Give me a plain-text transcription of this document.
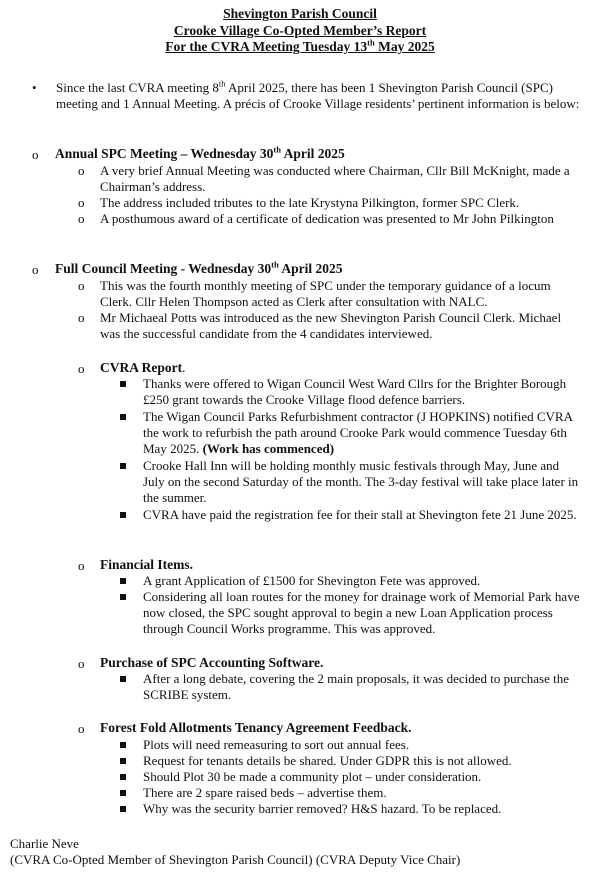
Shevington Parish Council
Crooke Village Co-Opted Member’s Report
For the CVRA Meeting Tuesday 13th May 2025
• Since the last CVRA meeting 8th April 2025, there has been 1 Shevington Parish Council (SPC) meeting and 1 Annual Meeting. A précis of Crooke Village residents’ pertinent information is below:
o Annual SPC Meeting – Wednesday 30th April 2025
o A very brief Annual Meeting was conducted where Chairman, Cllr Bill McKnight, made a Chairman’s address.
o The address included tributes to the late Krystyna Pilkington, former SPC Clerk.
o A posthumous award of a certificate of dedication was presented to Mr John Pilkington
o Full Council Meeting - Wednesday 30th April 2025
o This was the fourth monthly meeting of SPC under the temporary guidance of a locum Clerk. Cllr Helen Thompson acted as Clerk after consultation with NALC.
o Mr Michaeal Potts was introduced as the new Shevington Parish Council Clerk. Michael was the successful candidate from the 4 candidates interviewed.
o CVRA Report.
Thanks were offered to Wigan Council West Ward Cllrs for the Brighter Borough £250 grant towards the Crooke Village flood defence barriers.
The Wigan Council Parks Refurbishment contractor (J HOPKINS) notified CVRA the work to refurbish the path around Crooke Park would commence Tuesday 6th May 2025. (Work has commenced)
Crooke Hall Inn will be holding monthly music festivals through May, June and July on the second Saturday of the month. The 3-day festival will take place later in the summer.
CVRA have paid the registration fee for their stall at Shevington fete 21 June 2025.
o Financial Items.
A grant Application of £1500 for Shevington Fete was approved.
Considering all loan routes for the money for drainage work of Memorial Park have now closed, the SPC sought approval to begin a new Loan Application process through Council Works programme. This was approved.
o Purchase of SPC Accounting Software.
After a long debate, covering the 2 main proposals, it was decided to purchase the SCRIBE system.
o Forest Fold Allotments Tenancy Agreement Feedback.
Plots will need remeasuring to sort out annual fees.
Request for tenants details be shared. Under GDPR this is not allowed.
Should Plot 30 be made a community plot – under consideration.
There are 2 spare raised beds – advertise them.
Why was the security barrier removed? H&S hazard. To be replaced.
Charlie Neve
(CVRA Co-Opted Member of Shevington Parish Council) (CVRA Deputy Vice Chair)
